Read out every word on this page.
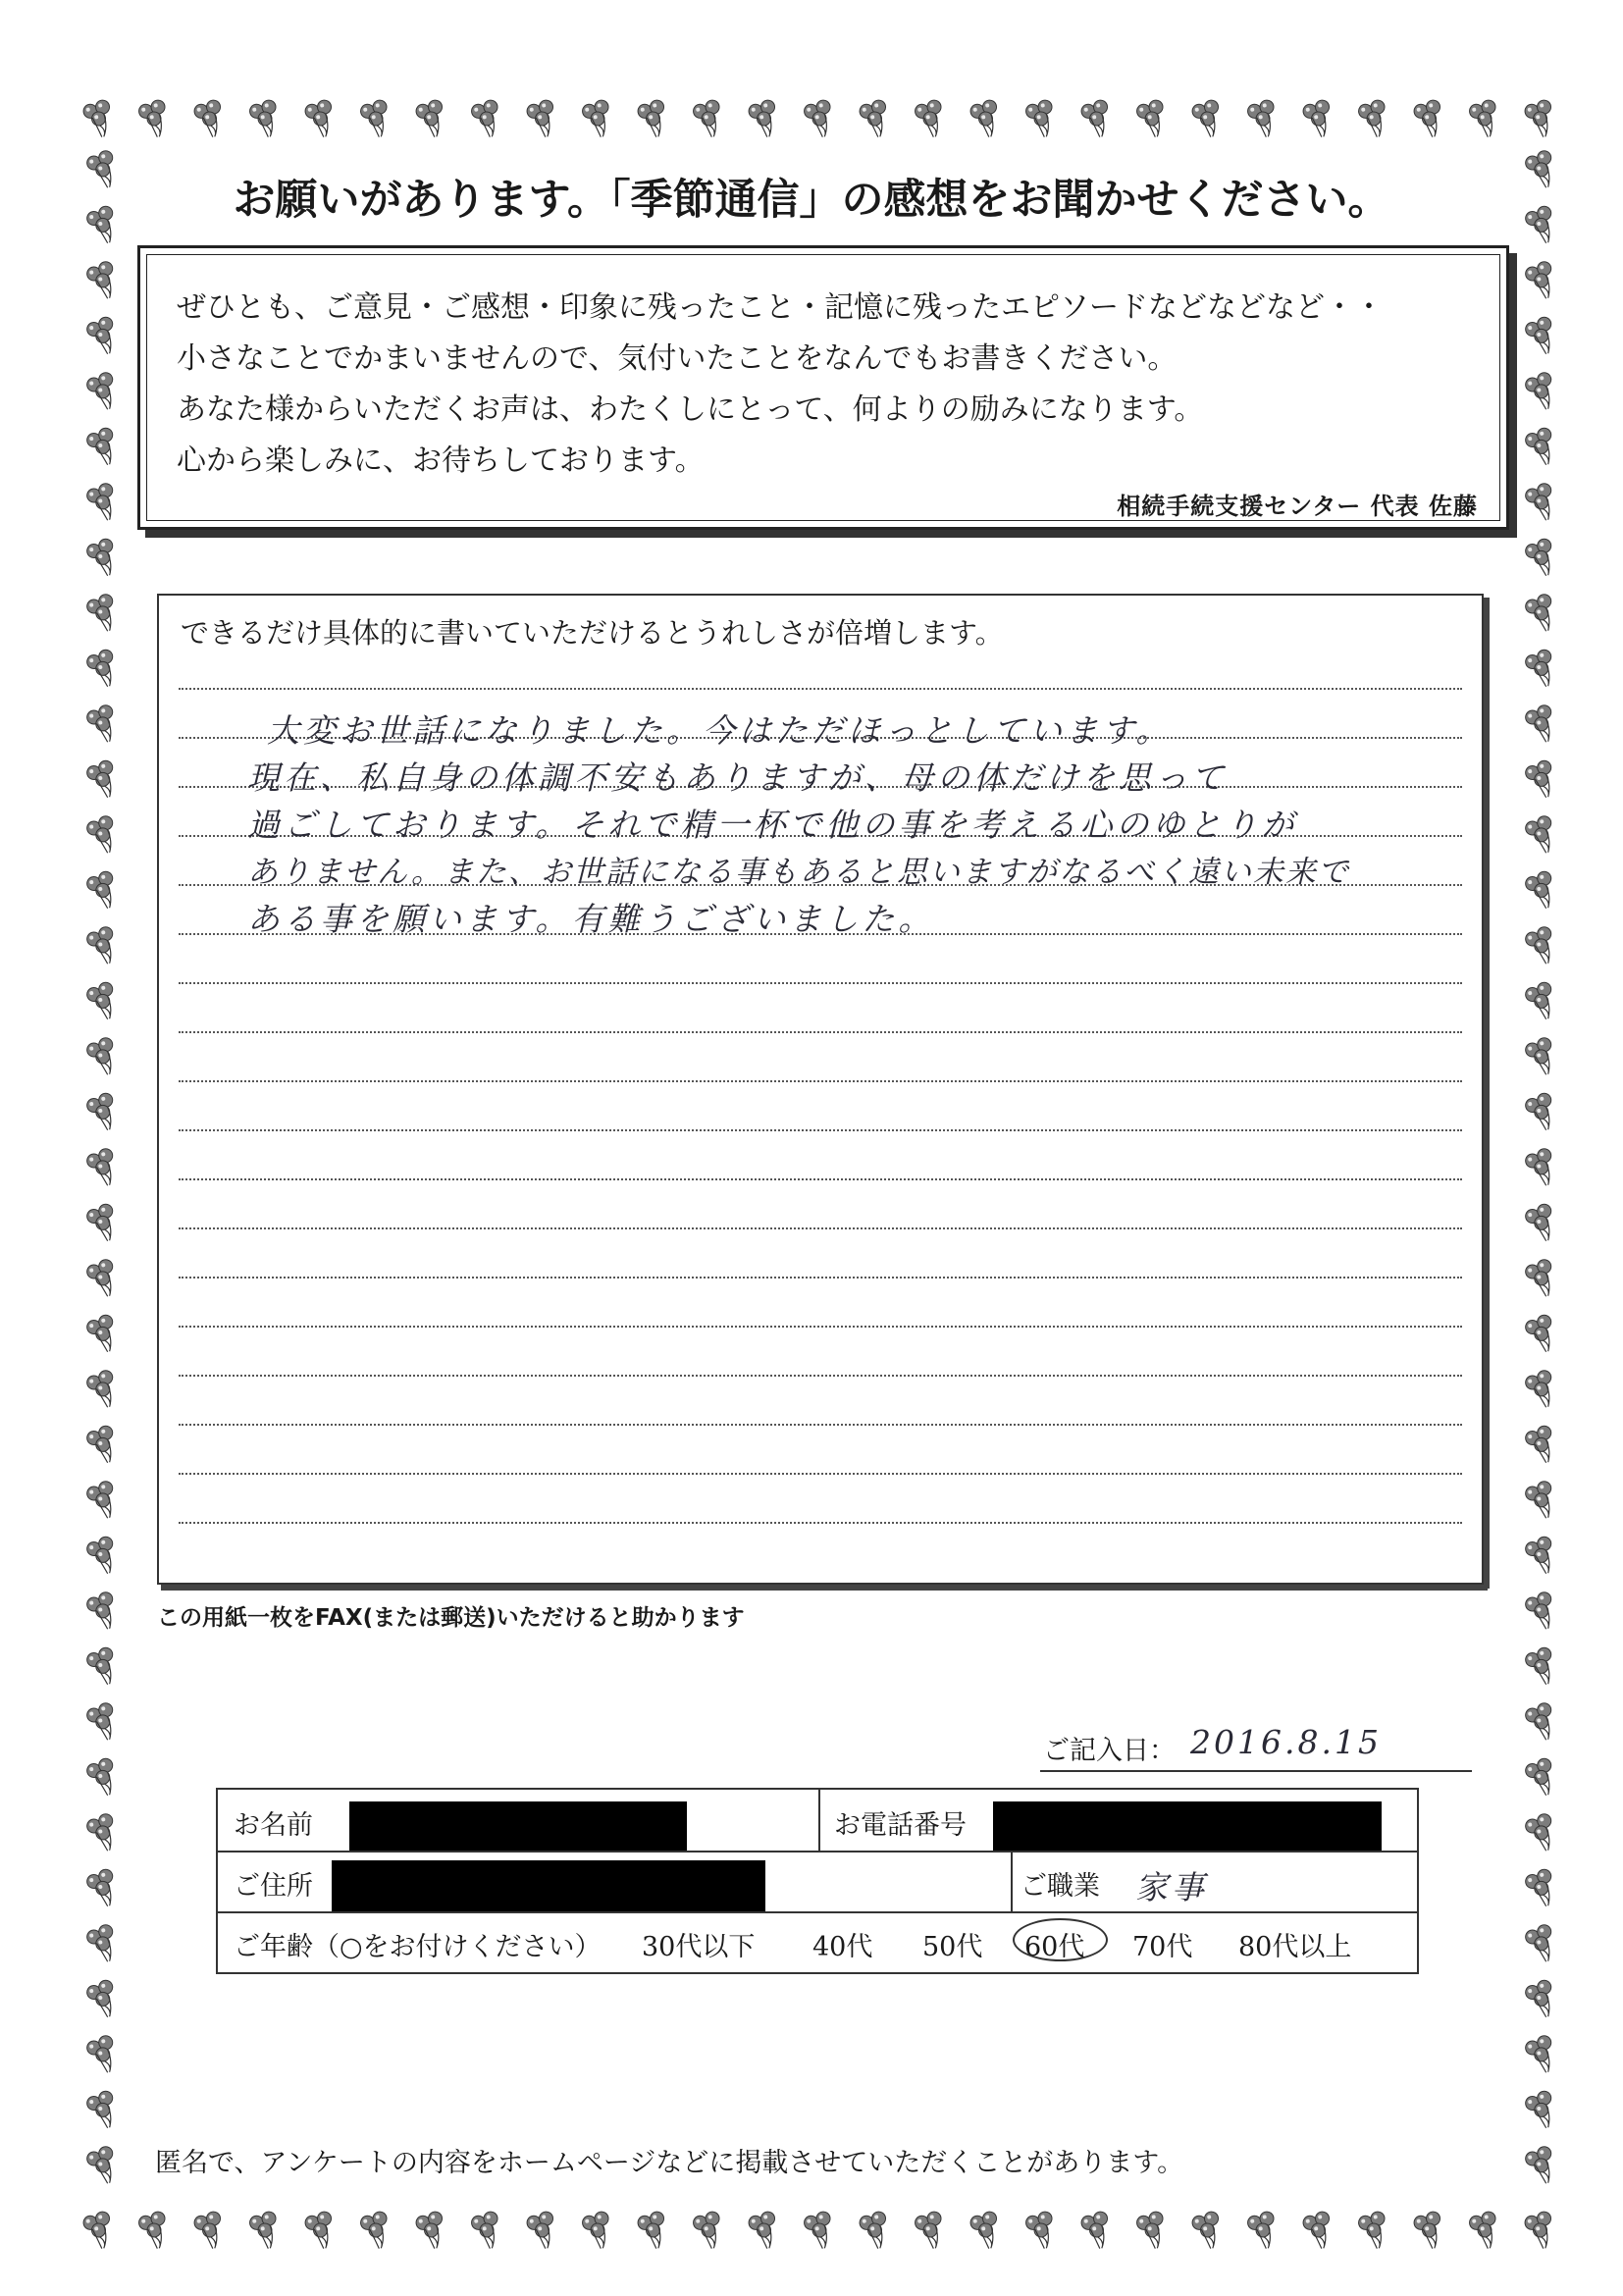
お願いがあります。「季節通信」の感想をお聞かせください。
ぜひとも、ご意見・ご感想・印象に残ったこと・記憶に残ったエピソードなどなどなど・・
小さなことでかまいませんので、気付いたことをなんでもお書きください。
あなた様からいただくお声は、わたくしにとって、何よりの励みになります。
心から楽しみに、お待ちしております。
相続手続支援センター 代表 佐藤
できるだけ具体的に書いていただけるとうれしさが倍増します。
大変お世話になりました。今はただほっとしています。
現在、私自身の体調不安もありますが、母の体だけを思って
過ごしております。それで精一杯で他の事を考える心のゆとりが
ありません。また、お世話になる事もあると思いますがなるべく遠い未来で
ある事を願います。有難うございました。
この用紙一枚をFAX(または郵送)いただけると助かります
ご記入日： 2016.8.15
お名前	お電話番号
ご住所	ご職業 家事
ご年齢（○をお付けください） 30代以下 40代 50代 60代 70代 80代以上
匿名で、アンケートの内容をホームページなどに掲載させていただくことがあります。
